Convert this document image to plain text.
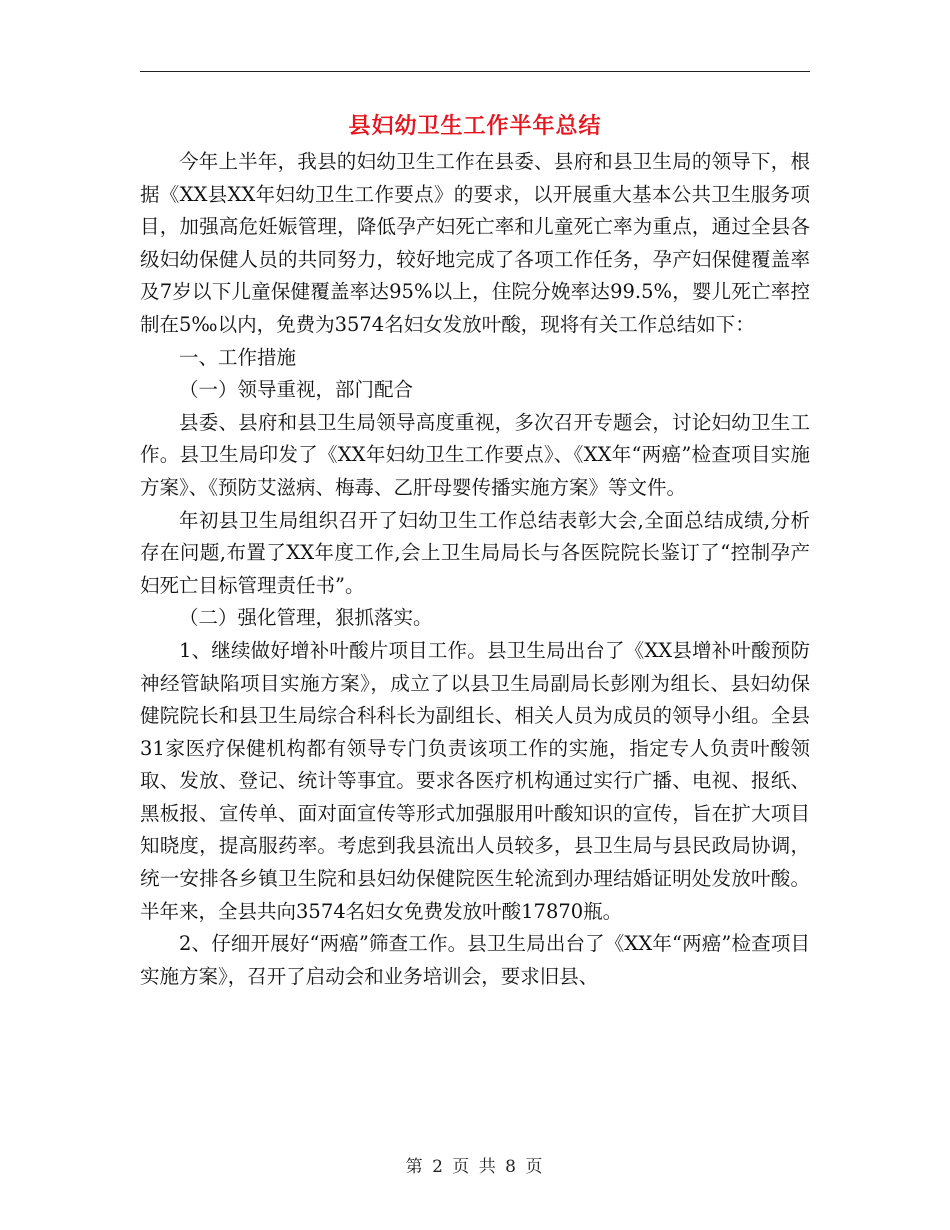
县妇幼卫生工作半年总结

今年上半年，我县的妇幼卫生工作在县委、县府和县卫生局的领导下，根据《XX县XX年妇幼卫生工作要点》的要求，以开展重大基本公共卫生服务项目，加强高危妊娠管理，降低孕产妇死亡率和儿童死亡率为重点，通过全县各级妇幼保健人员的共同努力，较好地完成了各项工作任务，孕产妇保健覆盖率及7岁以下儿童保健覆盖率达95%以上，住院分娩率达99.5%，婴儿死亡率控制在5‰以内，免费为3574名妇女发放叶酸，现将有关工作总结如下：

一、工作措施

（一）领导重视，部门配合

县委、县府和县卫生局领导高度重视，多次召开专题会，讨论妇幼卫生工作。县卫生局印发了《XX年妇幼卫生工作要点》、《XX年“两癌”检查项目实施方案》、《预防艾滋病、梅毒、乙肝母婴传播实施方案》等文件。

年初县卫生局组织召开了妇幼卫生工作总结表彰大会,全面总结成绩,分析存在问题,布置了XX年度工作,会上卫生局局长与各医院院长鉴订了“控制孕产妇死亡目标管理责任书”。

（二）强化管理，狠抓落实。

1、继续做好增补叶酸片项目工作。县卫生局出台了《XX县增补叶酸预防神经管缺陷项目实施方案》，成立了以县卫生局副局长彭刚为组长、县妇幼保健院院长和县卫生局综合科科长为副组长、相关人员为成员的领导小组。全县31家医疗保健机构都有领导专门负责该项工作的实施，指定专人负责叶酸领取、发放、登记、统计等事宜。要求各医疗机构通过实行广播、电视、报纸、黑板报、宣传单、面对面宣传等形式加强服用叶酸知识的宣传，旨在扩大项目知晓度，提高服药率。考虑到我县流出人员较多，县卫生局与县民政局协调，统一安排各乡镇卫生院和县妇幼保健院医生轮流到办理结婚证明处发放叶酸。半年来，全县共向3574名妇女免费发放叶酸17870瓶。

2、仔细开展好“两癌”筛查工作。县卫生局出台了《XX年“两癌”检查项目实施方案》，召开了启动会和业务培训会，要求旧县、

第 2 页 共 8 页
